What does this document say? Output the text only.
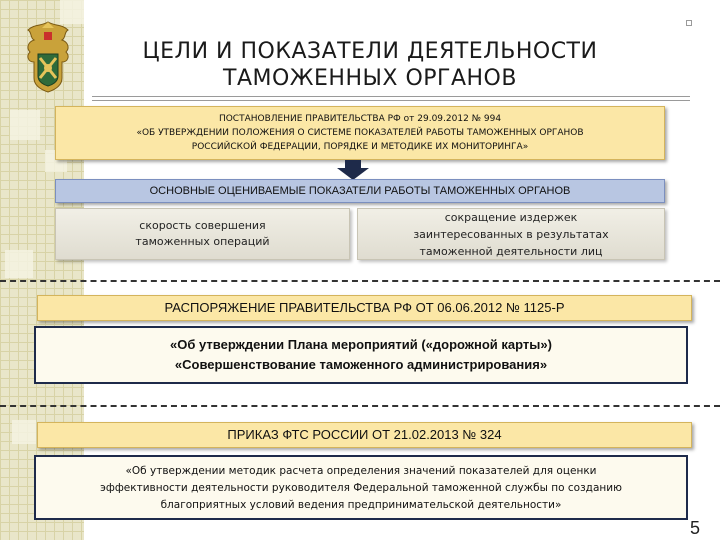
ЦЕЛИ И ПОКАЗАТЕЛИ ДЕЯТЕЛЬНОСТИ
ТАМОЖЕННЫХ ОРГАНОВ
ПОСТАНОВЛЕНИЕ ПРАВИТЕЛЬСТВА РФ от 29.09.2012 № 994
«ОБ УТВЕРЖДЕНИИ ПОЛОЖЕНИЯ О СИСТЕМЕ ПОКАЗАТЕЛЕЙ РАБОТЫ ТАМОЖЕННЫХ ОРГАНОВ
РОССИЙСКОЙ ФЕДЕРАЦИИ, ПОРЯДКЕ И МЕТОДИКЕ ИХ МОНИТОРИНГА»
ОСНОВНЫЕ ОЦЕНИВАЕМЫЕ ПОКАЗАТЕЛИ РАБОТЫ ТАМОЖЕННЫХ ОРГАНОВ
скорость совершения
таможенных операций
сокращение издержек
заинтересованных в результатах
таможенной деятельности лиц
РАСПОРЯЖЕНИЕ ПРАВИТЕЛЬСТВА РФ ОТ 06.06.2012 № 1125-Р
«Об утверждении Плана мероприятий («дорожной карты»)
«Совершенствование таможенного администрирования»
ПРИКАЗ ФТС РОССИИ ОТ 21.02.2013 № 324
«Об утверждении методик расчета определения значений показателей для оценки
эффективности деятельности руководителя Федеральной таможенной службы по созданию
благоприятных условий ведения предпринимательской деятельности»
5
